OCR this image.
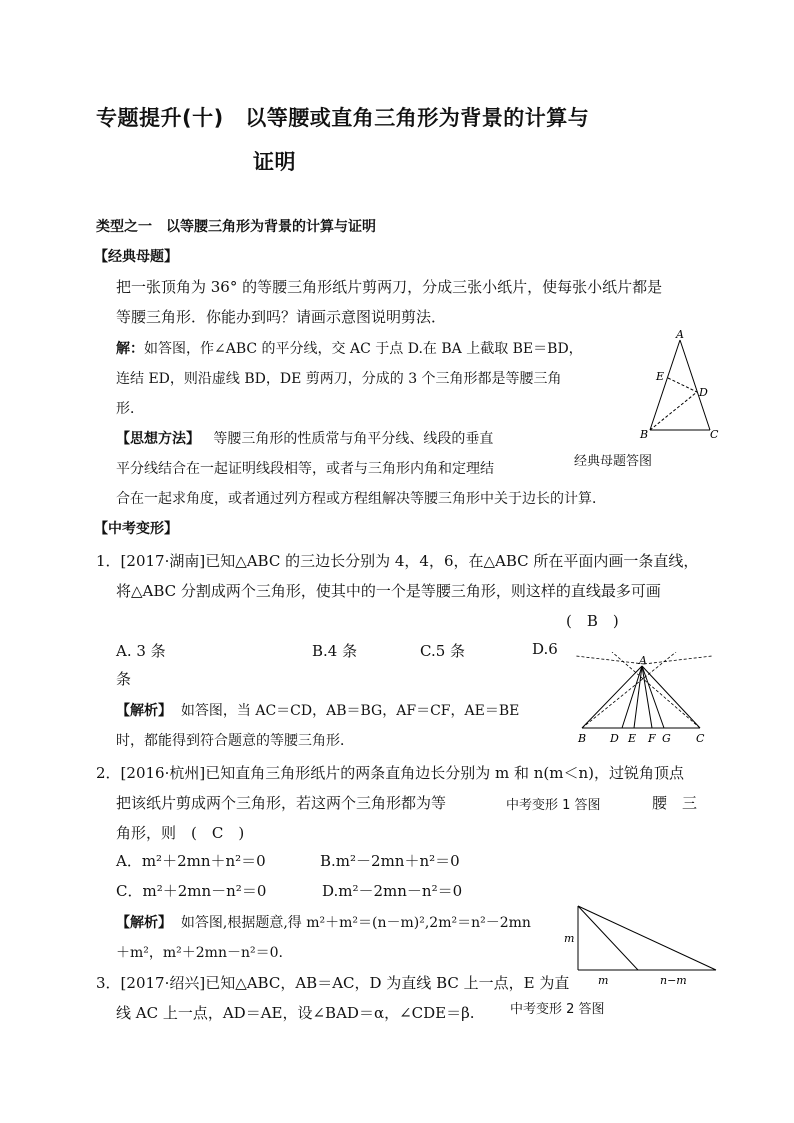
专题提升(十)　以等腰或直角三角形为背景的计算与
证明
类型之一　以等腰三角形为背景的计算与证明
【经典母题】
把一张顶角为 36° 的等腰三角形纸片剪两刀，分成三张小纸片，使每张小纸片都是
等腰三角形．你能办到吗？请画示意图说明剪法．
解：如答图，作∠ABC 的平分线，交 AC 于点 D.在 BA 上截取 BE＝BD，
连结 ED，则沿虚线 BD，DE 剪两刀，分成的 3 个三角形都是等腰三角
形．
【思想方法】 等腰三角形的性质常与角平分线、线段的垂直
平分线结合在一起证明线段相等，或者与三角形内角和定理结
合在一起求角度，或者通过列方程或方程组解决等腰三角形中关于边长的计算．
A
B	C
D
E
经典母题答图
【中考变形】
1．[2017·湖南]已知△ABC 的三边长分别为 4，4，6，在△ABC 所在平面内画一条直线，
将△ABC 分割成两个三角形，使其中的一个是等腰三角形，则这样的直线最多可画
(　B　)
A. 3 条	B.4 条	C.5 条	D.6
条
【解析】 如答图，当 AC＝CD，AB＝BG，AF＝CF，AE＝BE
时，都能得到符合题意的等腰三角形．
A
B	C
D E F G
2．[2016·杭州]已知直角三角形纸片的两条直角边长分别为 m 和 n(m＜n)，过锐角顶点
把该纸片剪成两个三角形，若这两个三角形都为等	中考变形 1 答图	腰　三
角形，则　(　C　)
A．m²＋2mn＋n²＝0	B.m²－2mn＋n²＝0
C．m²＋2mn－n²＝0	D.m²－2mn－n²＝0
【解析】 如答图,根据题意,得 m²＋m²＝(n－m)²,2m²＝n²－2mn
＋m²，m²＋2mn－n²＝0.
m
m	n−m
3．[2017·绍兴]已知△ABC，AB＝AC，D 为直线 BC 上一点，E 为直
线 AC 上一点，AD＝AE，设∠BAD＝α，∠CDE＝β.	中考变形 2 答图
